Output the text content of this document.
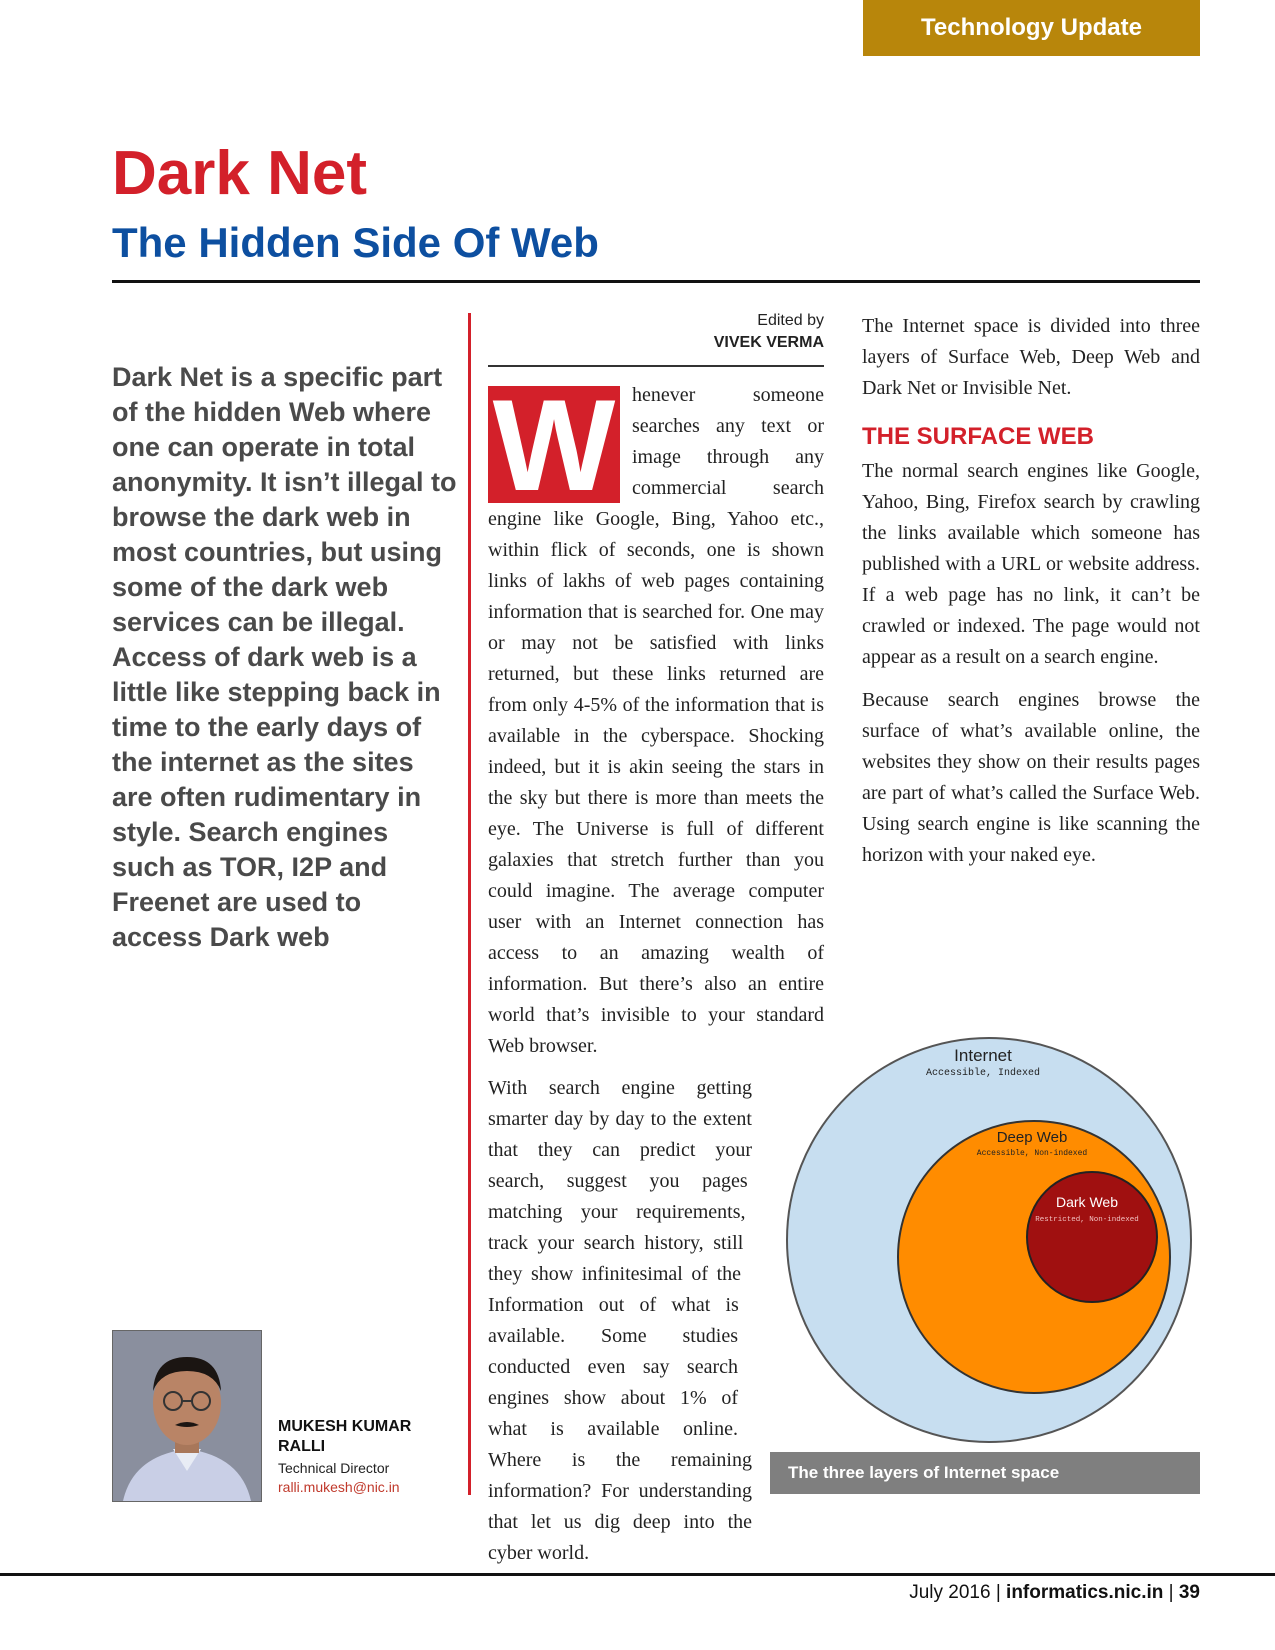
Technology Update
Dark Net
The Hidden Side Of Web

Dark Net is a specific part of the hidden Web where one can operate in total anonymity. It isn’t illegal to browse the dark web in most countries, but using some of the dark web services can be illegal. Access of dark web is a little like stepping back in time to the early days of the internet as the sites are often rudimentary in style. Search engines such as TOR, I2P and Freenet are used to access Dark web

Edited by
VIVEK VERMA
W henever someone searches any text or image through any commercial search engine like Google, Bing, Yahoo etc., within flick of seconds, one is shown links of lakhs of web pages containing information that is searched for. One may or may not be satisfied with links returned, but these links returned are from only 4-5% of the information that is available in the cyberspace. Shocking indeed, but it is akin seeing the stars in the sky but there is more than meets the eye. The Universe is full of different galaxies that stretch further than you could imagine. The average computer user with an Internet connection has access to an amazing wealth of information. But there’s also an entire world that’s invisible to your standard Web browser.

With search engine getting smarter day by day to the extent that they can predict your search, suggest you pages matching your requirements, track your search history, still they show infinitesimal of the Information out of what is available. Some studies conducted even say search engines show about 1% of what is available online. Where is the remaining information? For understanding that let us dig deep into the cyber world.

The Internet space is divided into three layers of Surface Web, Deep Web and Dark Net or Invisible Net.

THE SURFACE WEB

The normal search engines like Google, Yahoo, Bing, Firefox search by crawling the links available which someone has published with a URL or website address. If a web page has no link, it can’t be crawled or indexed. The page would not appear as a result on a search engine.

Because search engines browse the surface of what’s available online, the websites they show on their results pages are part of what’s called the Surface Web. Using search engine is like scanning the horizon with your naked eye.

Internet
Accessible, Indexed
Deep Web
Accessible, Non-indexed
Dark Web
Restricted, Non-indexed
The three layers of Internet space
MUKESH KUMAR RALLI
Technical Director
ralli.mukesh@nic.in
July 2016 | informatics.nic.in | 39
